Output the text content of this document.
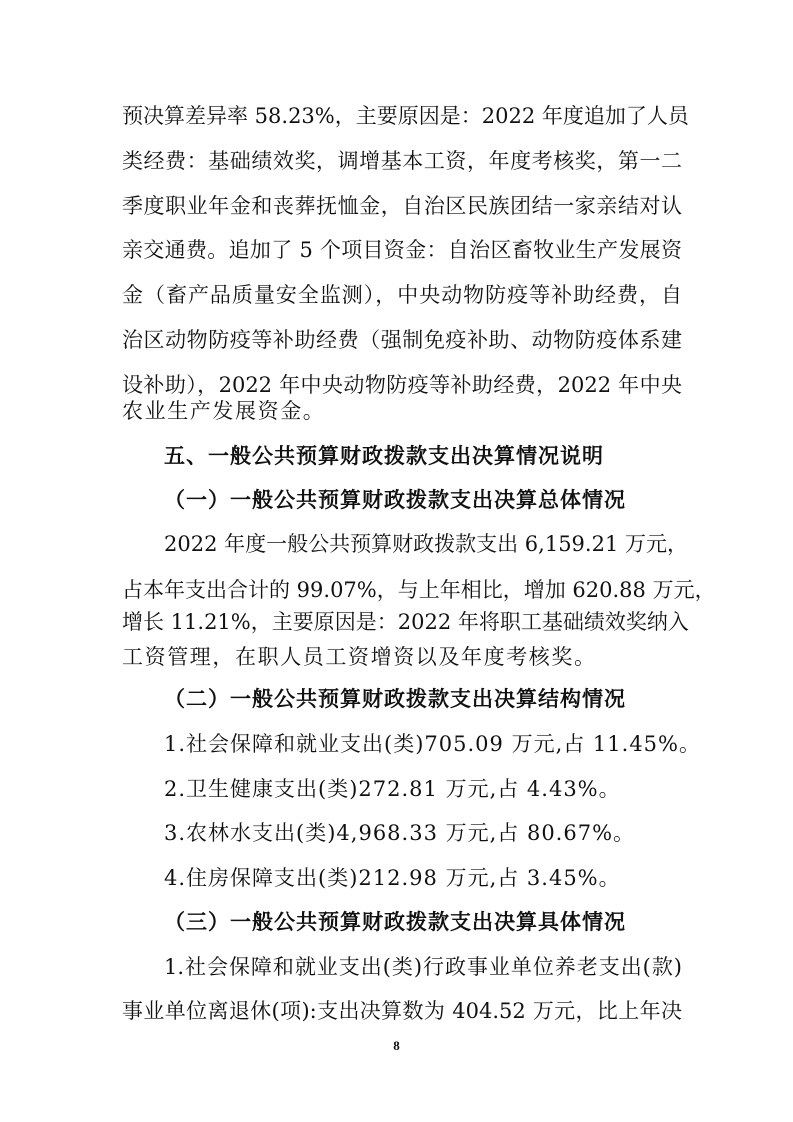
预决算差异率 58.23%，主要原因是：2022 年度追加了人员
类经费：基础绩效奖，调增基本工资，年度考核奖，第一二
季度职业年金和丧葬抚恤金，自治区民族团结一家亲结对认
亲交通费。追加了 5 个项目资金：自治区畜牧业生产发展资
金（畜产品质量安全监测），中央动物防疫等补助经费，自
治区动物防疫等补助经费（强制免疫补助、动物防疫体系建
设补助），2022 年中央动物防疫等补助经费，2022 年中央
农业生产发展资金。
五、一般公共预算财政拨款支出决算情况说明
（一）一般公共预算财政拨款支出决算总体情况
2022 年度一般公共预算财政拨款支出 6,159.21 万元，
占本年支出合计的 99.07%，与上年相比，增加 620.88 万元，
增长 11.21%，主要原因是：2022 年将职工基础绩效奖纳入
工资管理，在职人员工资增资以及年度考核奖。
（二）一般公共预算财政拨款支出决算结构情况
1.社会保障和就业支出(类)705.09 万元,占 11.45%。
2.卫生健康支出(类)272.81 万元,占 4.43%。
3.农林水支出(类)4,968.33 万元,占 80.67%。
4.住房保障支出(类)212.98 万元,占 3.45%。
（三）一般公共预算财政拨款支出决算具体情况
1.社会保障和就业支出(类)行政事业单位养老支出(款)
事业单位离退休(项):支出决算数为 404.52 万元，比上年决
8
